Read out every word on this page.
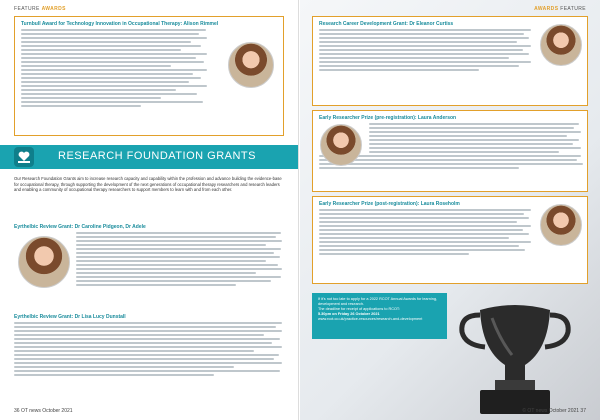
FEATURE AWARDS
Turnbull Award for Technology Innovation in Occupational Therapy: Alison Rimmel
RESEARCH FOUNDATION GRANTS
Our Research Foundation Grants aim to increase research capacity and capability within the profession and advance building the evidence-base for occupational therapy, through supporting the development of the next generations of occupational therapy researchers and research leaders and enabling a community of occupational therapy researchers to support members to learn with and from each other.
Eyrthelbic Review Grant: Dr Caroline Pidgeon, Dr Adele
Eyrthelbic Review Grant: Dr Lisa Lucy Dunstall
36 OT news October 2021
AWARDS FEATURE
Research Career Development Grant: Dr Eleanor Curtiss
Early Researcher Prize (pre-registration): Laura Anderson
Early Researcher Prize (post-registration): Laura Roseholm

If it's not too late to apply for a 2022 RCOT Annual Awards for learning, development and research.

The deadline for receipt of applications to RCOT:

5.30pm on Friday 26 October 2021

www.rcot.co.uk/practice-resources/research-and-development

© OT news October 2021 37
